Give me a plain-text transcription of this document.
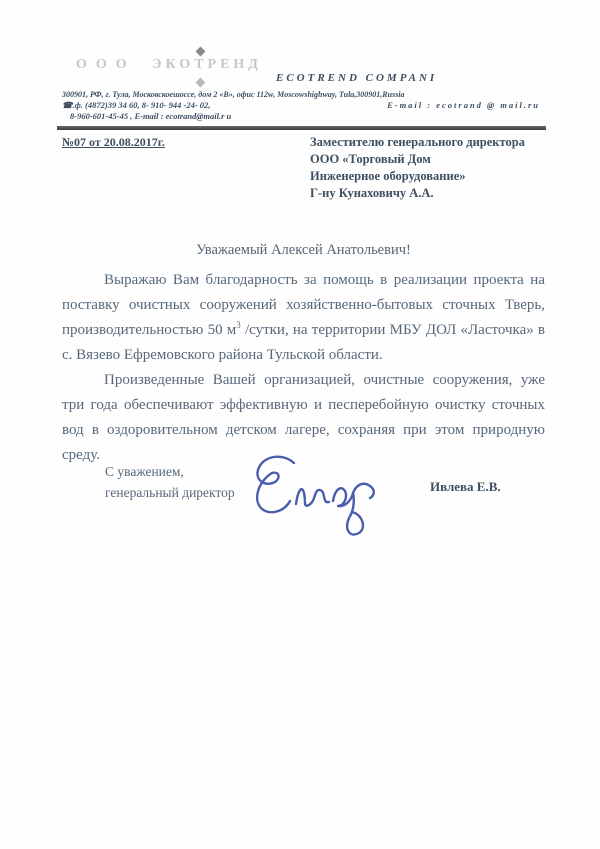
ООО ЭКОТРЕНД
ECOTREND COMPANI
300901, РФ, г. Тула, Московскоешоссе, дом 2 «В», офис 112w, Moscowshighway, Tula,300901,Russia
☎.ф. (4872)39 34 60, 8- 910- 944 -24- 02,	E-mail : ecotrand @ mail.ru
8-960-601-45-45 , E-mail : ecotrand@mail.r u
№07 от 20.08.2017г.	Заместителю генерального директора
ООО «Торговый Дом
Инженерное оборудование»
Г-ну Кунаховичу А.А.
Уважаемый Алексей Анатольевич!

Выражаю Вам благодарность за помощь в реализации проекта на поставку очистных сооружений хозяйственно-бытовых сточных Тверь, производительностью 50 $м^3$ /сутки, на территории МБУ ДОЛ «Ласточка» в с. Вязево Ефремовского района Тульской области.

Произведенные Вашей организацией, очистные сооружения, уже три года обеспечивают эффективную и песперебойную очистку сточных вод в оздоровительном детском лагере, сохраняя при этом природную среду.

С уважением,
генеральный директор	Ивлева Е.В.
